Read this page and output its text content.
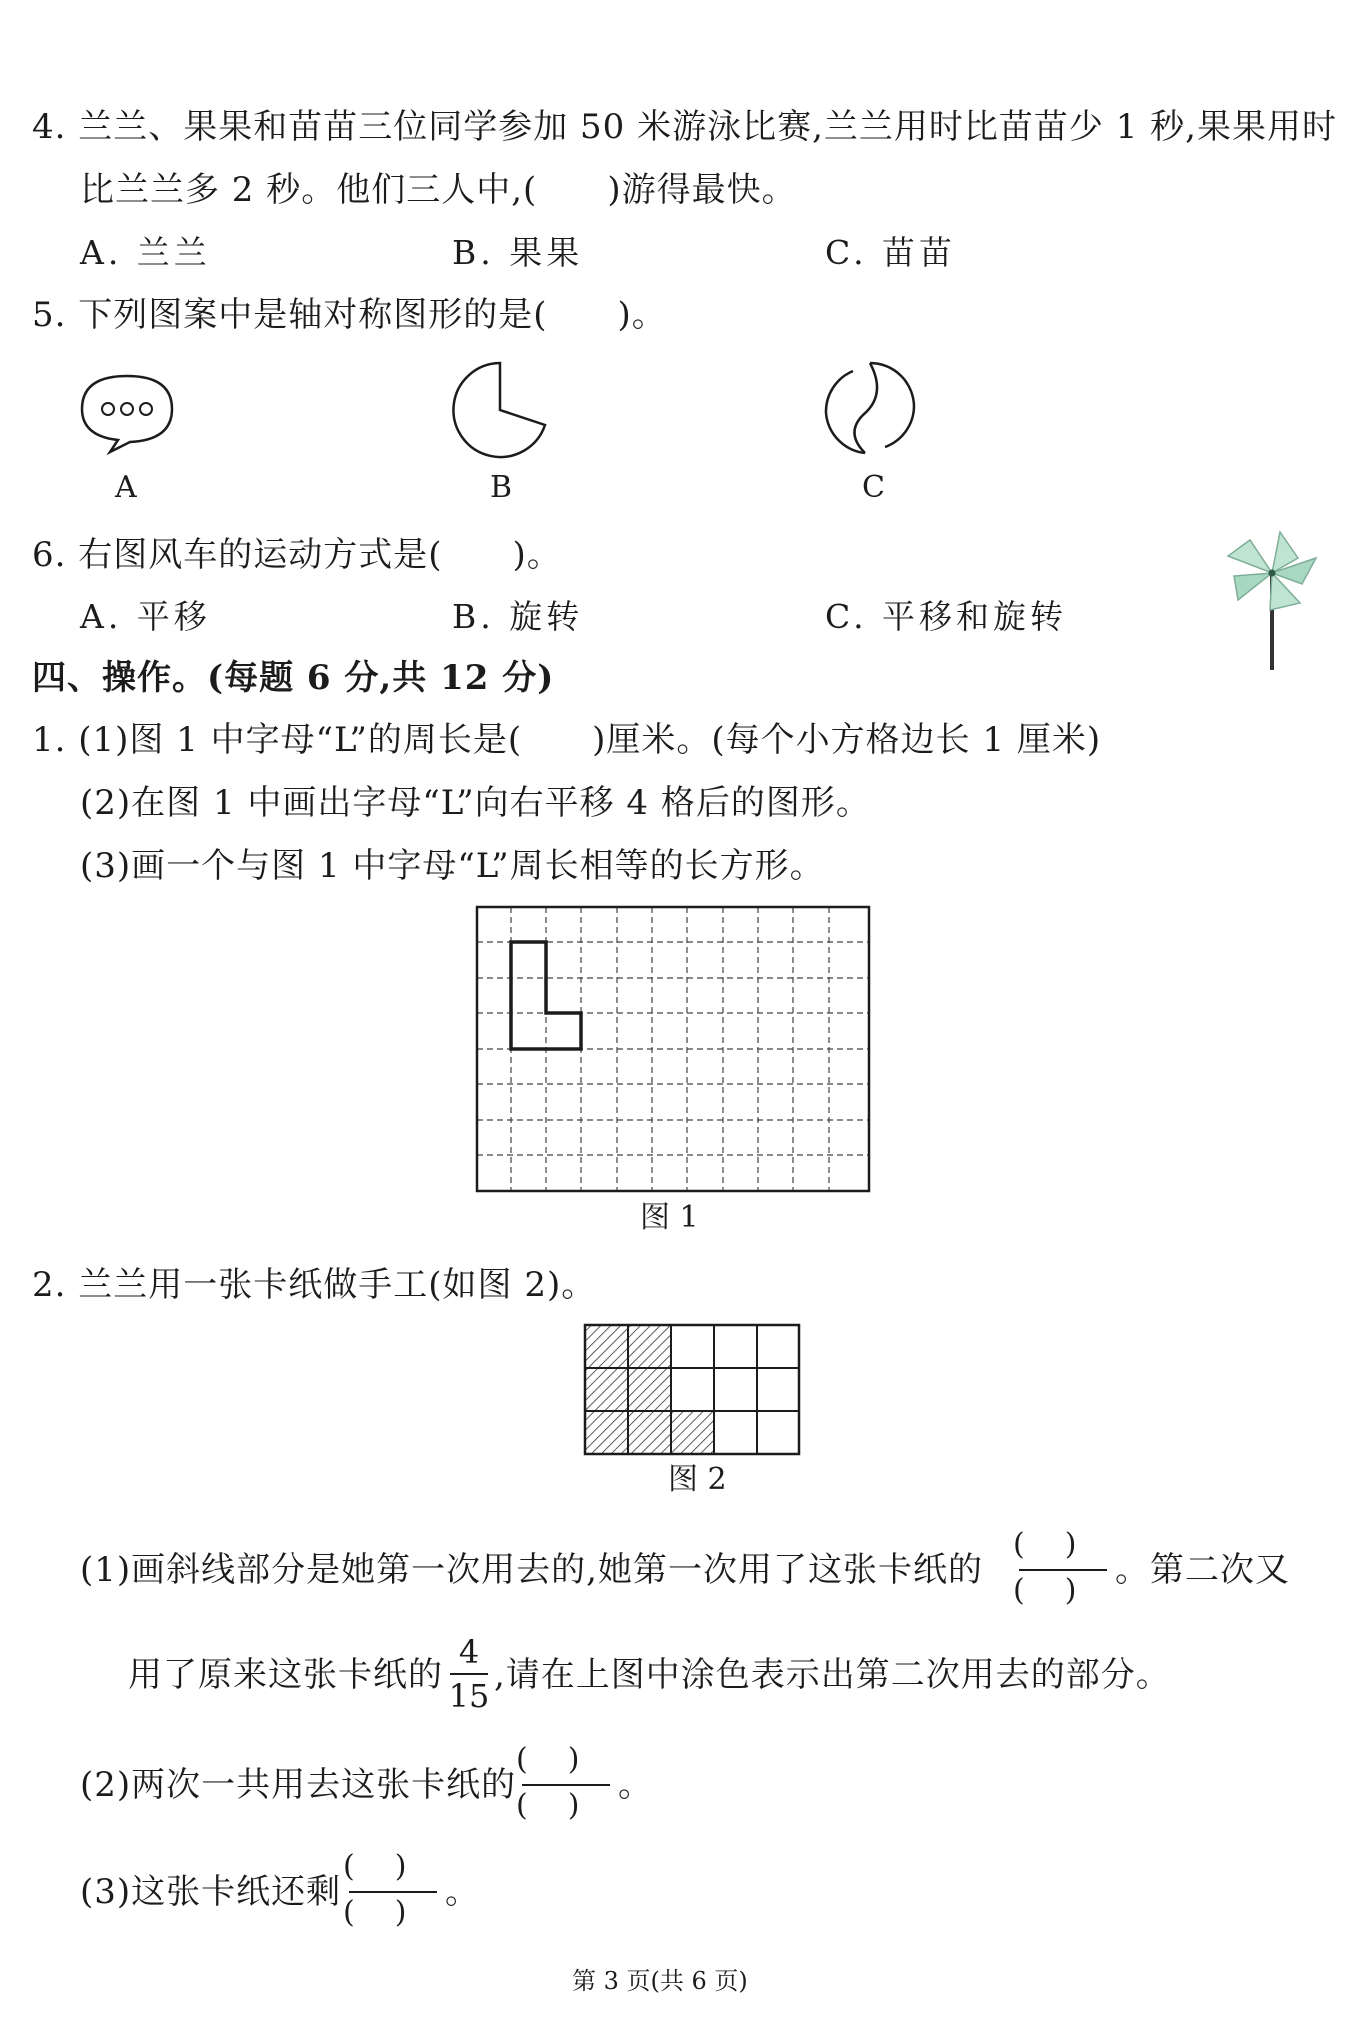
4. 兰兰、果果和苗苗三位同学参加 50 米游泳比赛,兰兰用时比苗苗少 1 秒,果果用时
比兰兰多 2 秒。他们三人中,(　　)游得最快。
A. 兰兰	B. 果果	C. 苗苗
5. 下列图案中是轴对称图形的是(　　)。
A	B	C
6. 右图风车的运动方式是(　　)。
A. 平移	B. 旋转	C. 平移和旋转
四、操作。(每题 6 分,共 12 分)
1. (1)图 1 中字母“L”的周长是(　　)厘米。(每个小方格边长 1 厘米)
(2)在图 1 中画出字母“L”向右平移 4 格后的图形。
(3)画一个与图 1 中字母“L”周长相等的长方形。
图 1
2. 兰兰用一张卡纸做手工(如图 2)。
图 2
(1)画斜线部分是她第一次用去的,她第一次用了这张卡纸的
()
()
。第二次又
用了原来这张卡纸的
4
15
,请在上图中涂色表示出第二次用去的部分。
(2)两次一共用去这张卡纸的
()
()
。
(3)这张卡纸还剩
()
()
。
第 3 页(共 6 页)
